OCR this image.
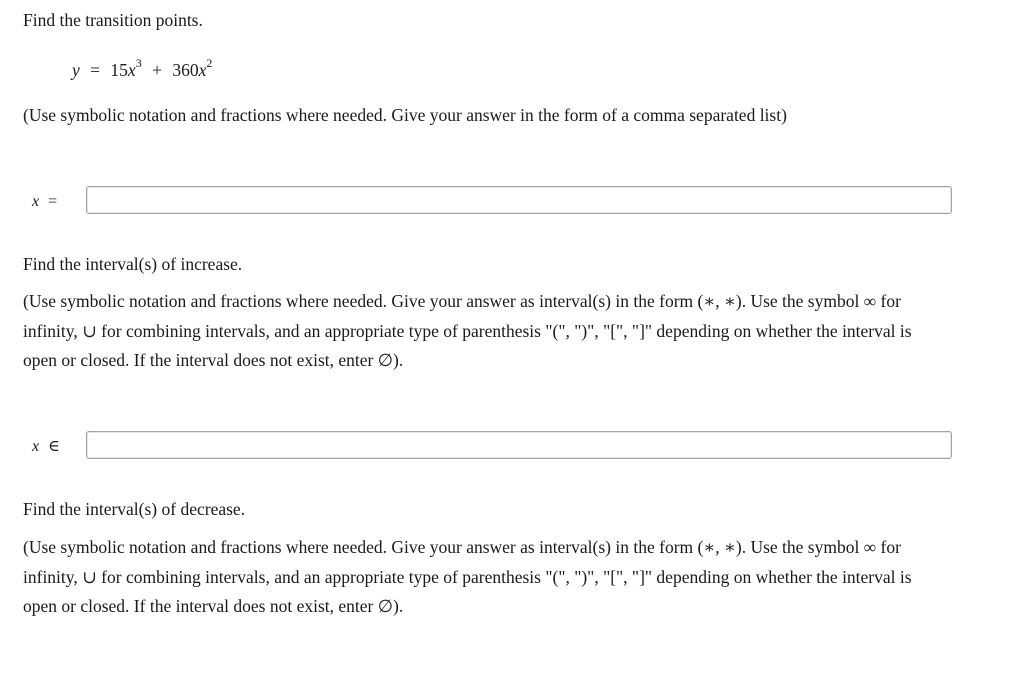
Find the transition points.
$y = 15x^3 + 360x^2$
(Use symbolic notation and fractions where needed. Give your answer in the form of a comma separated list)
x =
Find the interval(s) of increase.
(Use symbolic notation and fractions where needed. Give your answer as interval(s) in the form (∗, ∗). Use the symbol ∞ for
infinity, ∪ for combining intervals, and an appropriate type of parenthesis "(", ")", "[", "]" depending on whether the interval is
open or closed. If the interval does not exist, enter ∅).
x ∈
Find the interval(s) of decrease.
(Use symbolic notation and fractions where needed. Give your answer as interval(s) in the form (∗, ∗). Use the symbol ∞ for
infinity, ∪ for combining intervals, and an appropriate type of parenthesis "(", ")", "[", "]" depending on whether the interval is
open or closed. If the interval does not exist, enter ∅).
